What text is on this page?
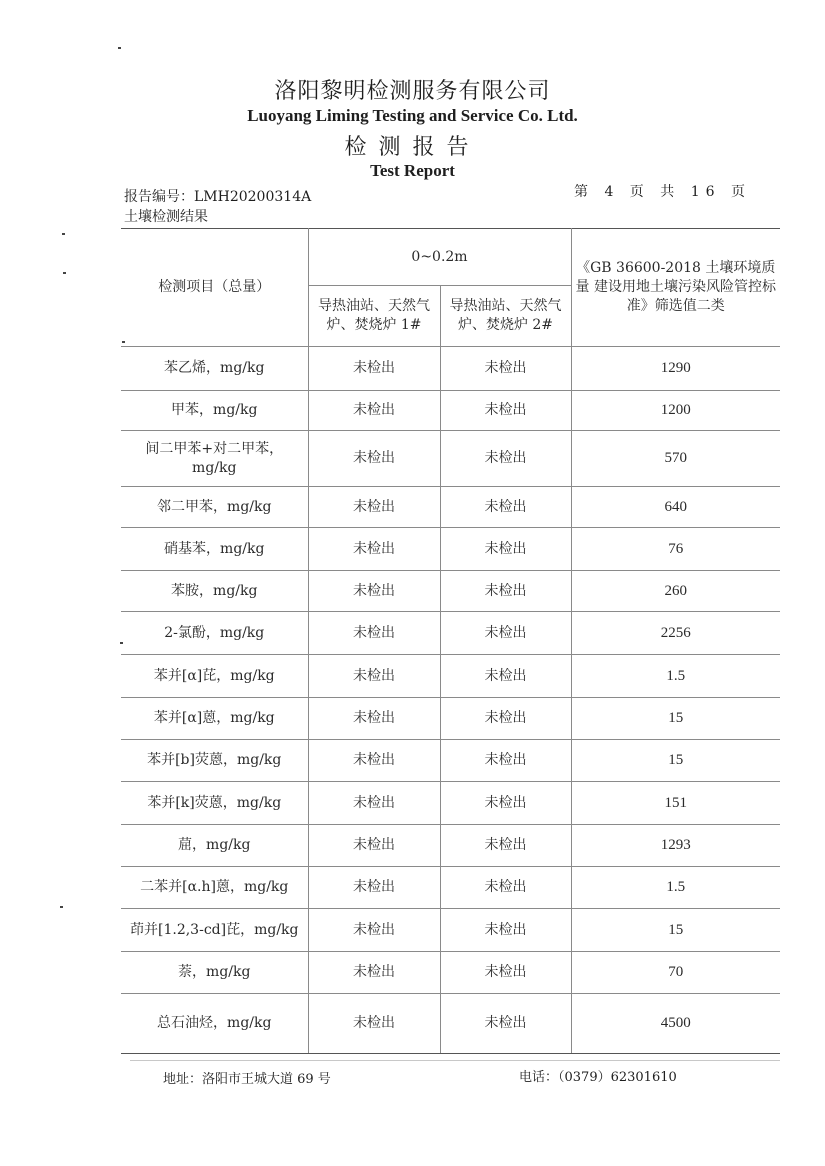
洛阳黎明检测服务有限公司
Luoyang Liming Testing and Service Co. Ltd.
检测报告
Test Report
报告编号：LMH20200314A	第 4 页 共 16 页
土壤检测结果
检测项目（总量）	0~0.2m		《GB 36600-2018 土壤环境质量 建设用地土壤污染风险管控标准》筛选值二类
	导热油站、天然气炉、焚烧炉 1#	导热油站、天然气炉、焚烧炉 2#	
苯乙烯，mg/kg	未检出	未检出	1290
甲苯，mg/kg	未检出	未检出	1200
间二甲苯+对二甲苯，mg/kg	未检出	未检出	570
邻二甲苯，mg/kg	未检出	未检出	640
硝基苯，mg/kg	未检出	未检出	76
苯胺，mg/kg	未检出	未检出	260
2-氯酚，mg/kg	未检出	未检出	2256
苯并[α]芘，mg/kg	未检出	未检出	1.5
苯并[α]蒽，mg/kg	未检出	未检出	15
苯并[b]荧蒽，mg/kg	未检出	未检出	15
苯并[k]荧蒽，mg/kg	未检出	未检出	151
䓛，mg/kg	未检出	未检出	1293
二苯并[α.h]蒽，mg/kg	未检出	未检出	1.5
茚并[1.2,3-cd]芘，mg/kg	未检出	未检出	15
萘，mg/kg	未检出	未检出	70
总石油烃，mg/kg	未检出	未检出	4500
地址：洛阳市王城大道 69 号	电话：（0379）62301610
